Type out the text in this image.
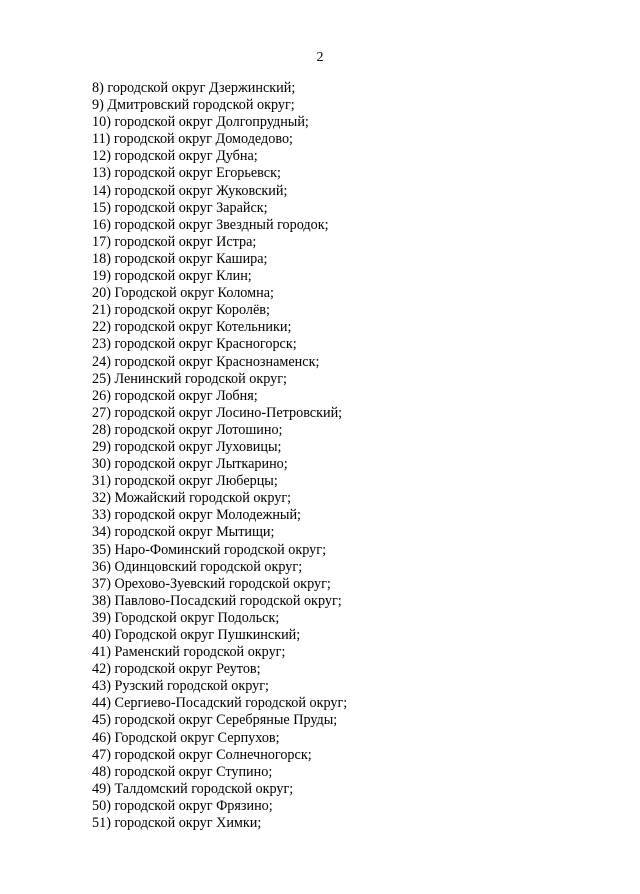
2
8) городской округ Дзержинский;
9) Дмитровский городской округ;
10) городской округ Долгопрудный;
11) городской округ Домодедово;
12) городской округ Дубна;
13) городской округ Егорьевск;
14) городской округ Жуковский;
15) городской округ Зарайск;
16) городской округ Звездный городок;
17) городской округ Истра;
18) городской округ Кашира;
19) городской округ Клин;
20) Городской округ Коломна;
21) городской округ Королёв;
22) городской округ Котельники;
23) городской округ Красногорск;
24) городской округ Краснознаменск;
25) Ленинский городской округ;
26) городской округ Лобня;
27) городской округ Лосино-Петровский;
28) городской округ Лотошино;
29) городской округ Луховицы;
30) городской округ Лыткарино;
31) городской округ Люберцы;
32) Можайский городской округ;
33) городской округ Молодежный;
34) городской округ Мытищи;
35) Наро-Фоминский городской округ;
36) Одинцовский городской округ;
37) Орехово-Зуевский городской округ;
38) Павлово-Посадский городской округ;
39) Городской округ Подольск;
40) Городской округ Пушкинский;
41) Раменский городской округ;
42) городской округ Реутов;
43) Рузский городской округ;
44) Сергиево-Посадский городской округ;
45) городской округ Серебряные Пруды;
46) Городской округ Серпухов;
47) городской округ Солнечногорск;
48) городской округ Ступино;
49) Талдомский городской округ;
50) городской округ Фрязино;
51) городской округ Химки;
